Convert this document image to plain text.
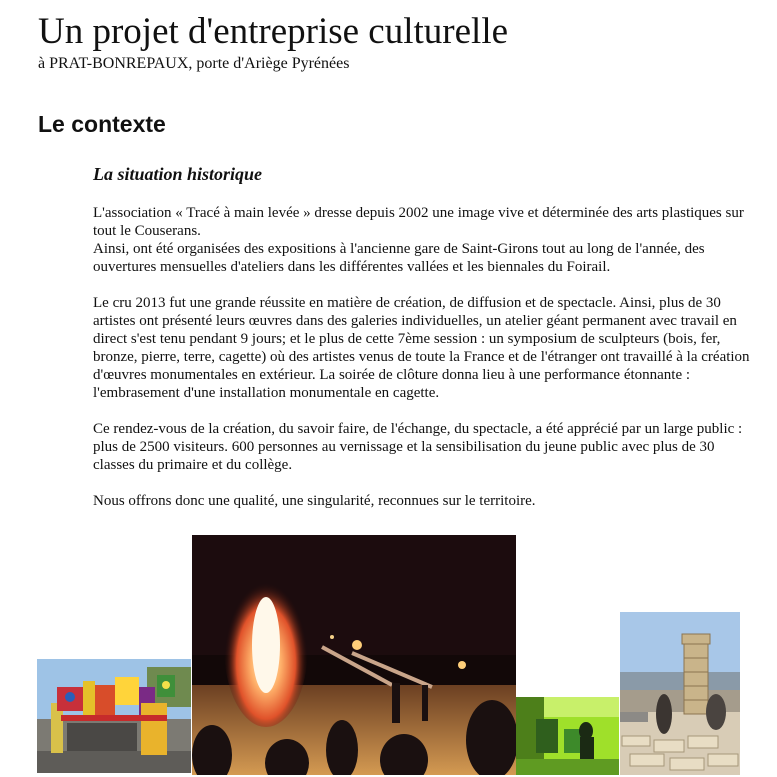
Un projet d'entreprise culturelle
à PRAT-BONREPAUX, porte d'Ariège Pyrénées
Le contexte
La situation historique

L'association « Tracé à main levée » dresse depuis 2002 une image vive et déterminée des arts plastiques sur tout le Couserans.
Ainsi, ont été organisées des expositions à l'ancienne gare de Saint-Girons tout au long de l'année, des ouvertures mensuelles d'ateliers dans les différentes vallées et les biennales du Foirail.

Le cru 2013 fut une grande réussite en matière de création, de diffusion et de spectacle. Ainsi, plus de 30 artistes ont présenté leurs œuvres dans des galeries individuelles, un atelier géant permanent avec travail en direct s'est tenu pendant 9 jours; et le plus de cette 7ème session : un symposium de sculpteurs (bois, fer, bronze, pierre, terre, cagette) où des artistes venus de toute la France et de l'étranger ont travaillé à la création d'œuvres monumentales en extérieur. La soirée de clôture donna lieu à une performance étonnante : l'embrasement d'une installation monumentale en cagette.

Ce rendez-vous de la création, du savoir faire, de l'échange, du spectacle, a été apprécié par un large public : plus de 2500 visiteurs. 600 personnes au vernissage et la sensibilisation du jeune public avec plus de 30 classes du primaire et du collège.

Nous offrons donc une qualité, une singularité, reconnues sur le territoire.
